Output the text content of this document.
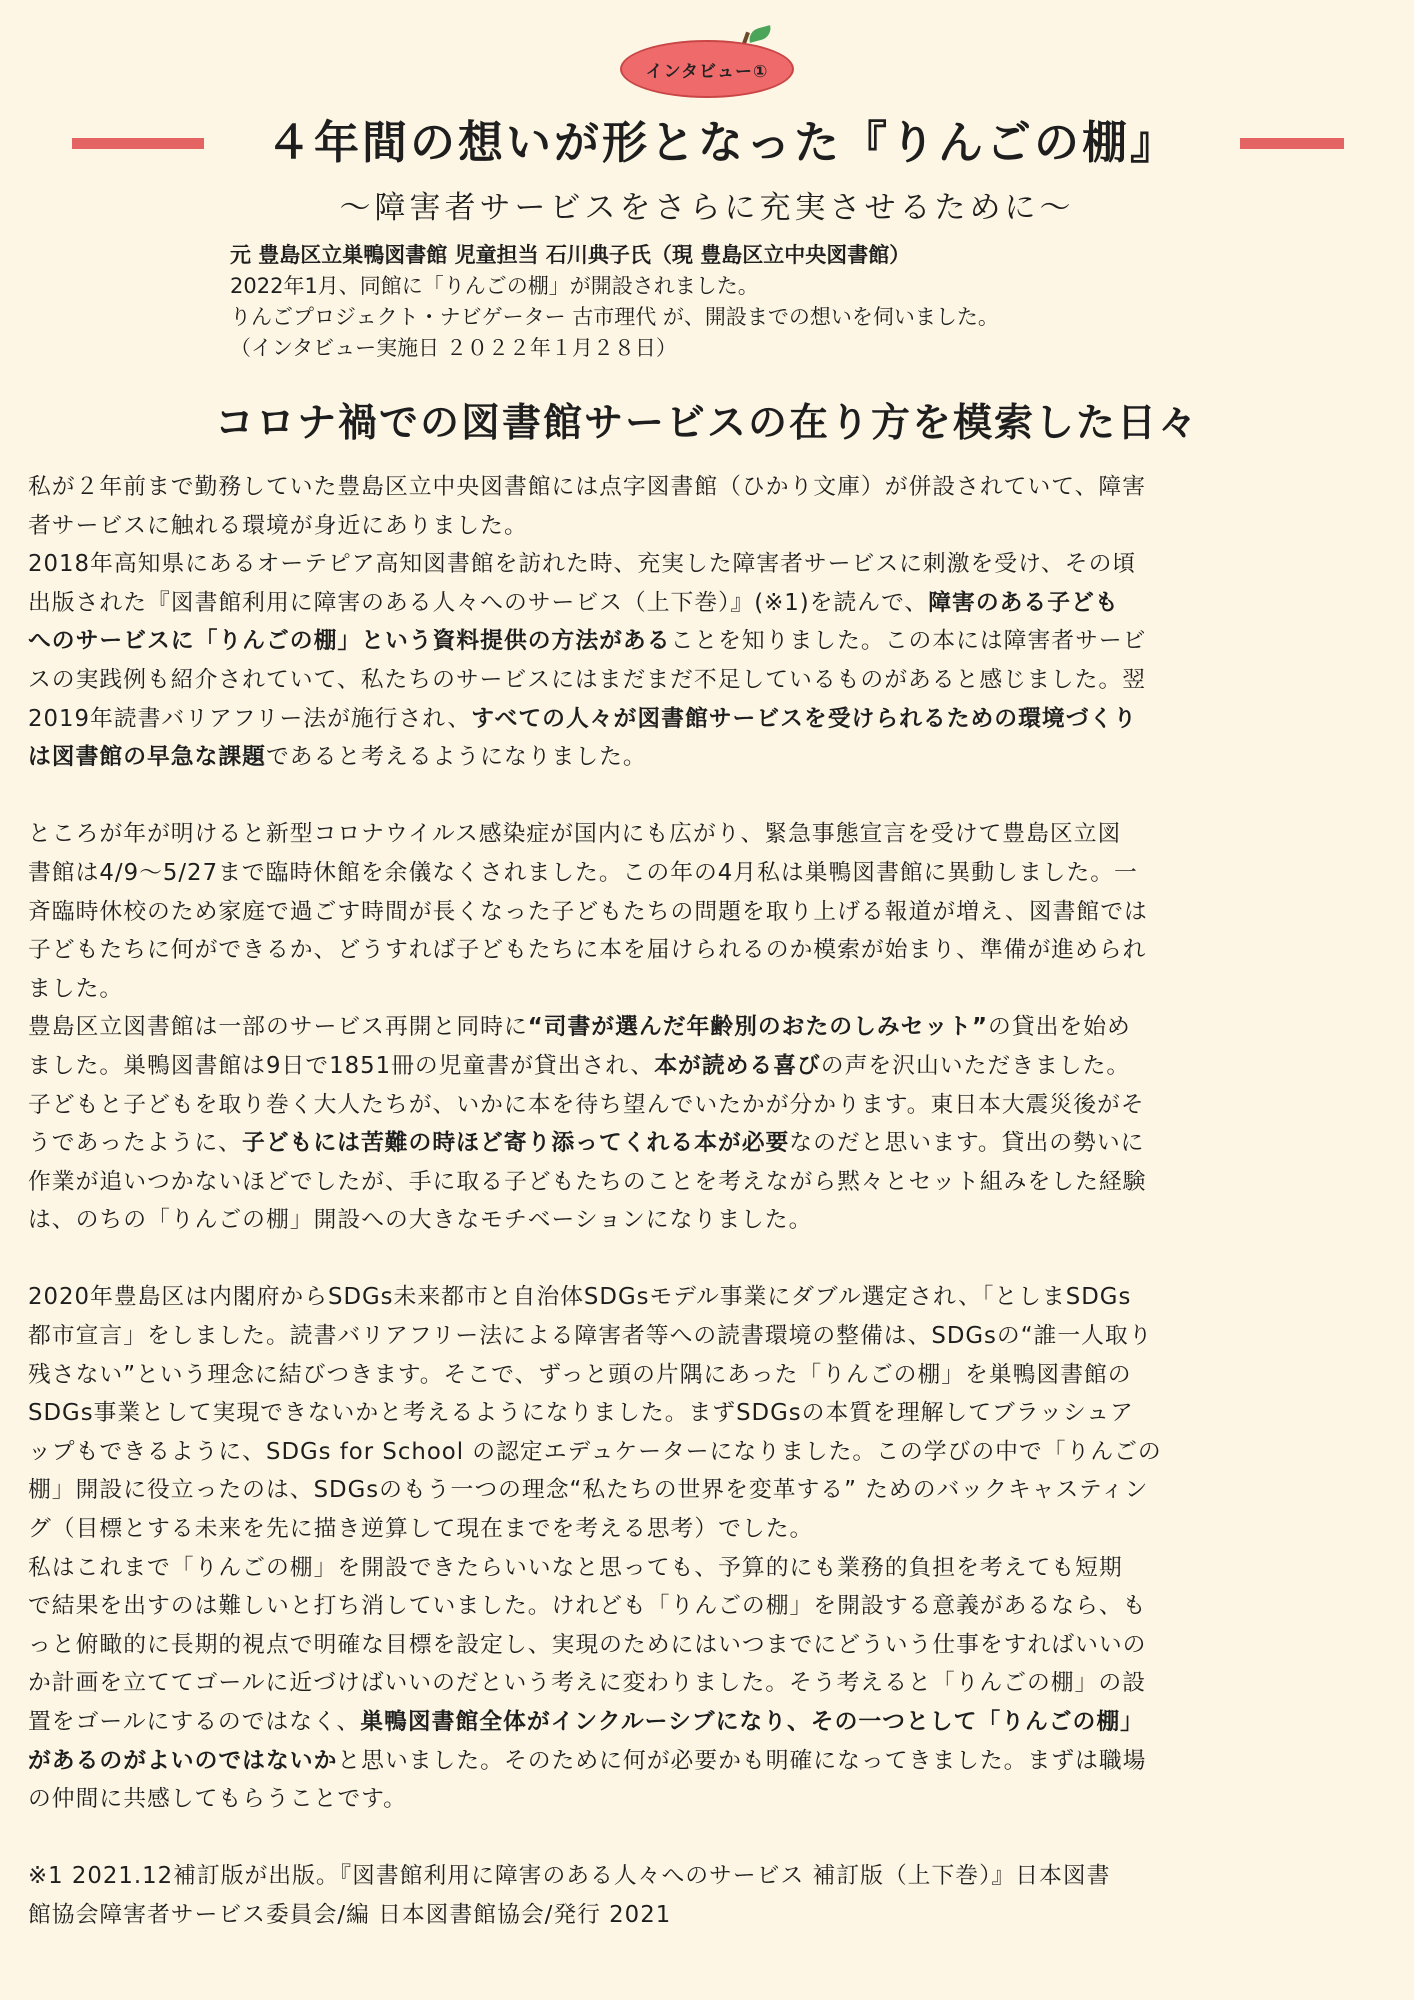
インタビュー①
４年間の想いが形となった『りんごの棚』
～障害者サービスをさらに充実させるために～
元 豊島区立巣鴨図書館 児童担当 石川典子氏（現 豊島区立中央図書館）
2022年1月、同館に「りんごの棚」が開設されました。
りんごプロジェクト・ナビゲーター 古市理代 が、開設までの想いを伺いました。
（インタビュー実施日 ２０２２年１月２８日）
コロナ禍での図書館サービスの在り方を模索した日々
私が２年前まで勤務していた豊島区立中央図書館には点字図書館（ひかり文庫）が併設されていて、障害
者サービスに触れる環境が身近にありました。
2018年高知県にあるオーテピア高知図書館を訪れた時、充実した障害者サービスに刺激を受け、その頃
出版された『図書館利用に障害のある人々へのサービス（上下巻）』(※1)を読んで、障害のある子ども
へのサービスに「りんごの棚」という資料提供の方法があることを知りました。この本には障害者サービ
スの実践例も紹介されていて、私たちのサービスにはまだまだ不足しているものがあると感じました。翌
2019年読書バリアフリー法が施行され、すべての人々が図書館サービスを受けられるための環境づくり
は図書館の早急な課題であると考えるようになりました。
ところが年が明けると新型コロナウイルス感染症が国内にも広がり、緊急事態宣言を受けて豊島区立図
書館は4/9～5/27まで臨時休館を余儀なくされました。この年の4月私は巣鴨図書館に異動しました。一
斉臨時休校のため家庭で過ごす時間が長くなった子どもたちの問題を取り上げる報道が増え、図書館では
子どもたちに何ができるか、どうすれば子どもたちに本を届けられるのか模索が始まり、準備が進められ
ました。
豊島区立図書館は一部のサービス再開と同時に“司書が選んだ年齢別のおたのしみセット”の貸出を始め
ました。巣鴨図書館は9日で1851冊の児童書が貸出され、本が読める喜びの声を沢山いただきました。
子どもと子どもを取り巻く大人たちが、いかに本を待ち望んでいたかが分かります。東日本大震災後がそ
うであったように、子どもには苦難の時ほど寄り添ってくれる本が必要なのだと思います。貸出の勢いに
作業が追いつかないほどでしたが、手に取る子どもたちのことを考えながら黙々とセット組みをした経験
は、のちの「りんごの棚」開設への大きなモチベーションになりました。
2020年豊島区は内閣府からSDGs未来都市と自治体SDGsモデル事業にダブル選定され、「としまSDGs
都市宣言」をしました。読書バリアフリー法による障害者等への読書環境の整備は、SDGsの“誰一人取り
残さない”という理念に結びつきます。そこで、ずっと頭の片隅にあった「りんごの棚」を巣鴨図書館の
SDGs事業として実現できないかと考えるようになりました。まずSDGsの本質を理解してブラッシュア
ップもできるように、SDGs for School の認定エデュケーターになりました。この学びの中で「りんごの
棚」開設に役立ったのは、SDGsのもう一つの理念“私たちの世界を変革する” ためのバックキャスティン
グ（目標とする未来を先に描き逆算して現在までを考える思考）でした。
私はこれまで「りんごの棚」を開設できたらいいなと思っても、予算的にも業務的負担を考えても短期
で結果を出すのは難しいと打ち消していました。けれども「りんごの棚」を開設する意義があるなら、も
っと俯瞰的に長期的視点で明確な目標を設定し、実現のためにはいつまでにどういう仕事をすればいいの
か計画を立ててゴールに近づけばいいのだという考えに変わりました。そう考えると「りんごの棚」の設
置をゴールにするのではなく、巣鴨図書館全体がインクルーシブになり、その一つとして「りんごの棚」
があるのがよいのではないかと思いました。そのために何が必要かも明確になってきました。まずは職場
の仲間に共感してもらうことです。
※1 2021.12補訂版が出版。『図書館利用に障害のある人々へのサービス 補訂版（上下巻）』日本図書
館協会障害者サービス委員会/編 日本図書館協会/発行 2021
